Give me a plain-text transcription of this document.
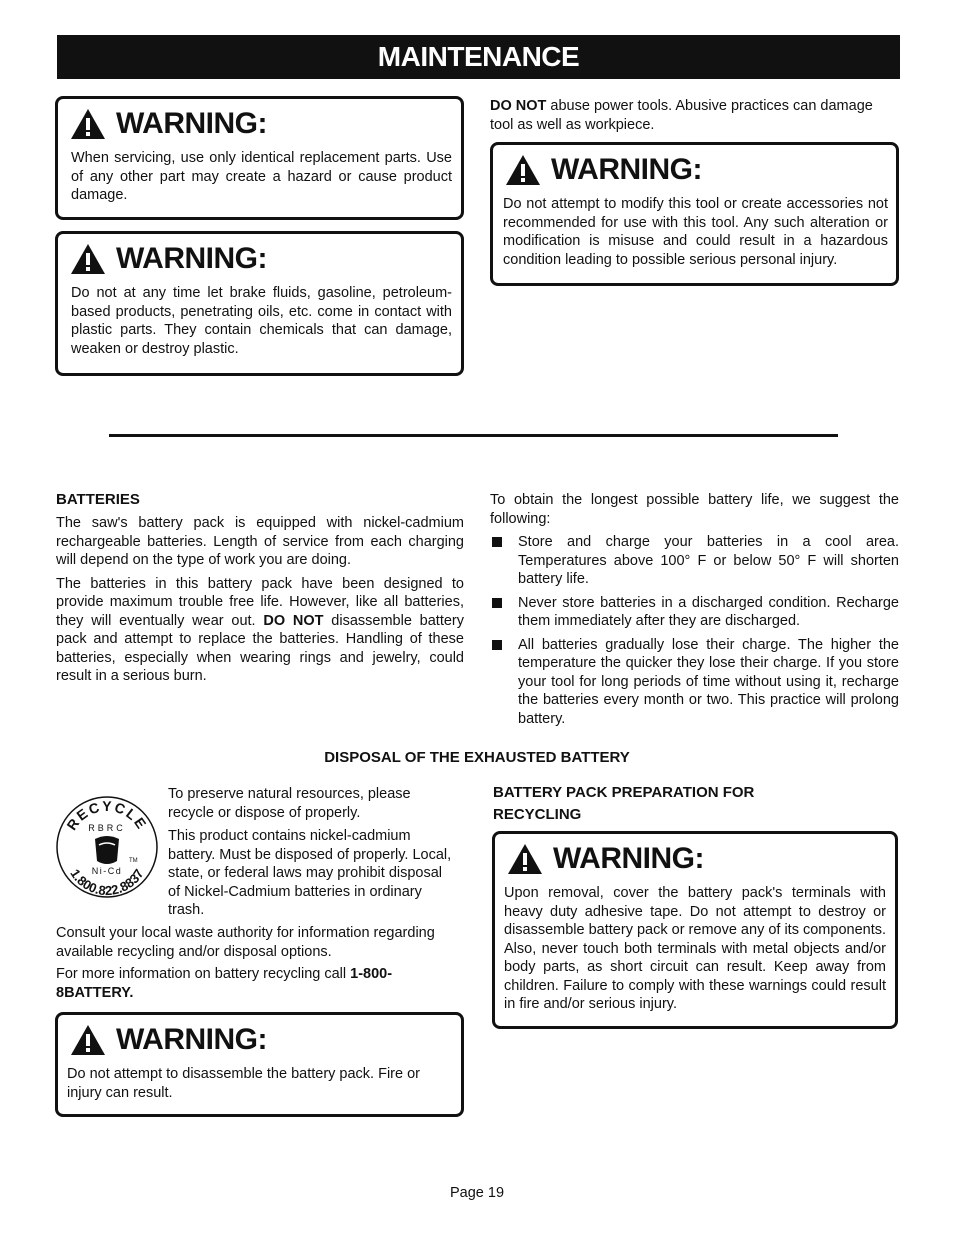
MAINTENANCE
WARNING:
When servicing, use only identical replacement parts. Use of any other part may create a hazard or cause product damage.
WARNING:
Do not at any time let brake fluids, gasoline, petroleum-based products, penetrating oils, etc. come in contact with plastic parts. They contain chemicals that can damage, weaken or destroy plastic.
DO NOT abuse power tools. Abusive practices can damage tool as well as workpiece.
WARNING:
Do not attempt to modify this tool or create accessories not recommended for use with this tool. Any such alteration or modification is misuse and could result in a hazardous condition leading to possible serious personal injury.
BATTERIES

The saw's battery pack is equipped with nickel-cadmium rechargeable batteries. Length of service from each charging will depend on the type of work you are doing.

The batteries in this battery pack have been designed to provide maximum trouble free life. However, like all batteries, they will eventually wear out. DO NOT disassemble battery pack and attempt to replace the batteries. Handling of these batteries, especially when wearing rings and jewelry, could result in a serious burn.

To obtain the longest possible battery life, we suggest the following:

Store and charge your batteries in a cool area. Temperatures above 100° F or below 50° F will shorten battery life.
Never store batteries in a discharged condition. Recharge them immediately after they are discharged.
All batteries gradually lose their charge. The higher the temperature the quicker they lose their charge. If you store your tool for long periods of time without using it, recharge the batteries every month or two. This practice will prolong battery.
DISPOSAL OF THE EXHAUSTED BATTERY
RECYCLE
RBRC
TM
Ni-Cd
1.800.822.8837

To preserve natural resources, please recycle or dispose of properly.

This product contains nickel-cadmium battery. Must be disposed of properly. Local, state, or federal laws may prohibit disposal of Nickel-Cadmium batteries in ordinary trash.

Consult your local waste authority for information regarding available recycling and/or disposal options.

For more information on battery recycling call 1-800-8BATTERY.

WARNING:
Do not attempt to disassemble the battery pack. Fire or injury can result.
BATTERY PACK PREPARATION FOR RECYCLING
WARNING:
Upon removal, cover the battery pack's terminals with heavy duty adhesive tape. Do not attempt to destroy or disassemble battery pack or remove any of its components. Also, never touch both terminals with metal objects and/or body parts, as short circuit can result. Keep away from children. Failure to comply with these warnings could result in fire and/or serious injury.
Page 19
